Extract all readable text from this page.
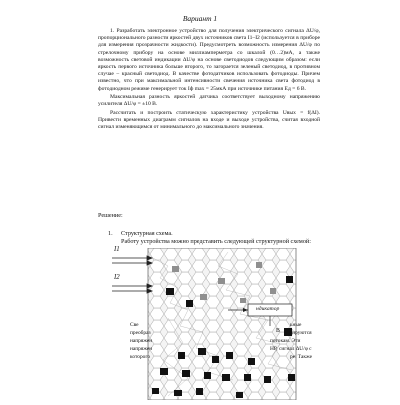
Вариант 1

1. Разработать электронное устройство для получения электрического сигнала ΔU/φ, пропорционального разности яркостей двух источников света I1–I2 (используется в приборе для измерения прозрачности жидкости). Предусмотреть возможность измерения ΔU/φ по стрелочному прибору на основе миллиамперметра со шкалой (0…2)мА, а также возможность световой индикации ΔU/φ на основе светодиодов следующим образом: если яркость первого источника больше второго, то загорается зеленый светодиод, в противном случае – красный светодиод. В качестве фотодатчиков использовать фотодиоды. Причем известно, что при максимальной интенсивности свечения источника света фотодиод в фотодиодном режиме генерирует ток Iф max = 25мкА при источнике питания Ед = 6 В.

Максимальная разность яркостей датчика соответствует выходному напряжению усилителя ΔU/φ = ±10 В.

Рассчитать и построить статическую характеристику устройства Uвых = f(ΔI). Привести временных диаграмм сигналов на входе и выходе устройства, считая входной сигнал изменяющимся от минимального до максимального значения.

Решение:
1. Структурная схема.
Работу устройства можно представить следующей структурной схемой:
I1
I2
ндикатор
В
Све
преобраз
напряжен
напряжен
которого
ьные
зируются
потокам. Эти
HP, сигнал ΔU/φ с
ре. Также
